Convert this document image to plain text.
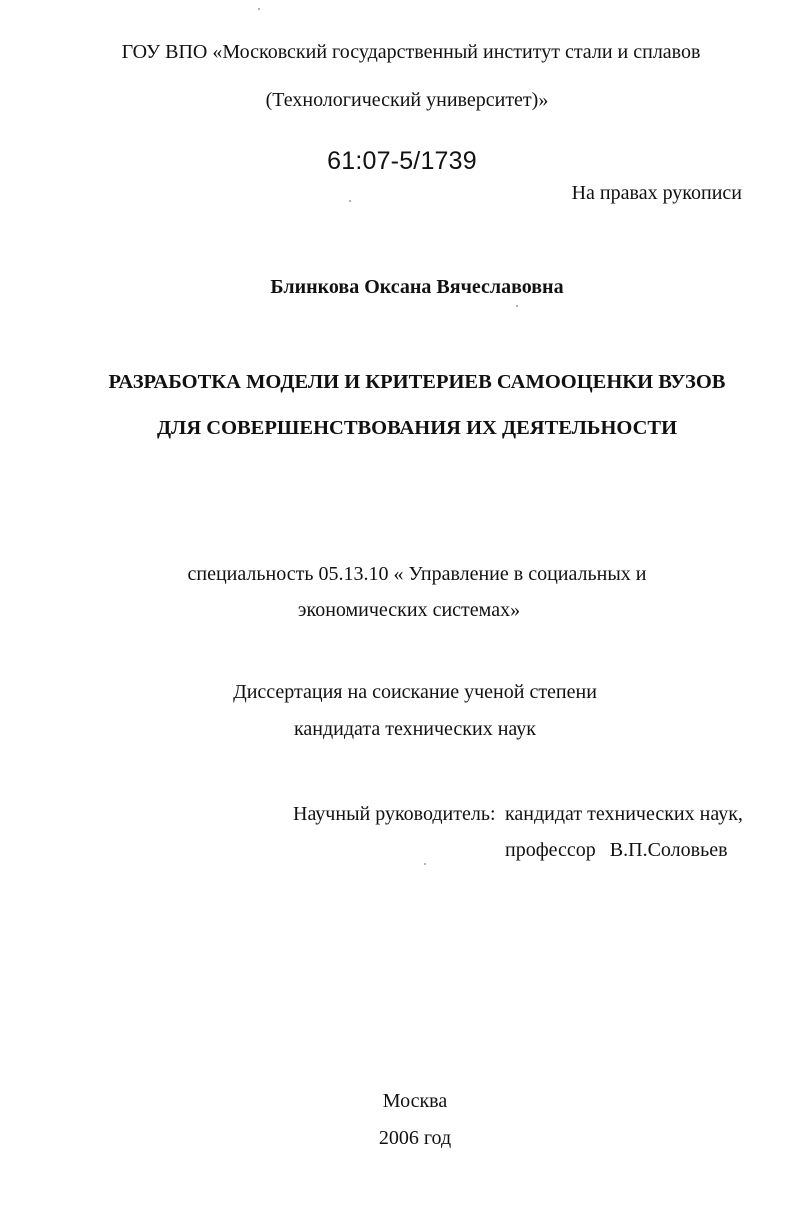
ГОУ ВПО «Московский государственный институт стали и сплавов
(Технологический университет)»
61:07-5/1739
На правах рукописи
Блинкова Оксана Вячеславовна
РАЗРАБОТКА МОДЕЛИ И КРИТЕРИЕВ САМООЦЕНКИ ВУЗОВ
ДЛЯ СОВЕРШЕНСТВОВАНИЯ ИХ ДЕЯТЕЛЬНОСТИ
специальность 05.13.10 « Управление в социальных и
экономических системах»
Диссертация на соискание ученой степени
кандидата технических наук
Научный руководитель: кандидат технических наук,
профессор В.П.Соловьев
Москва
2006 год
